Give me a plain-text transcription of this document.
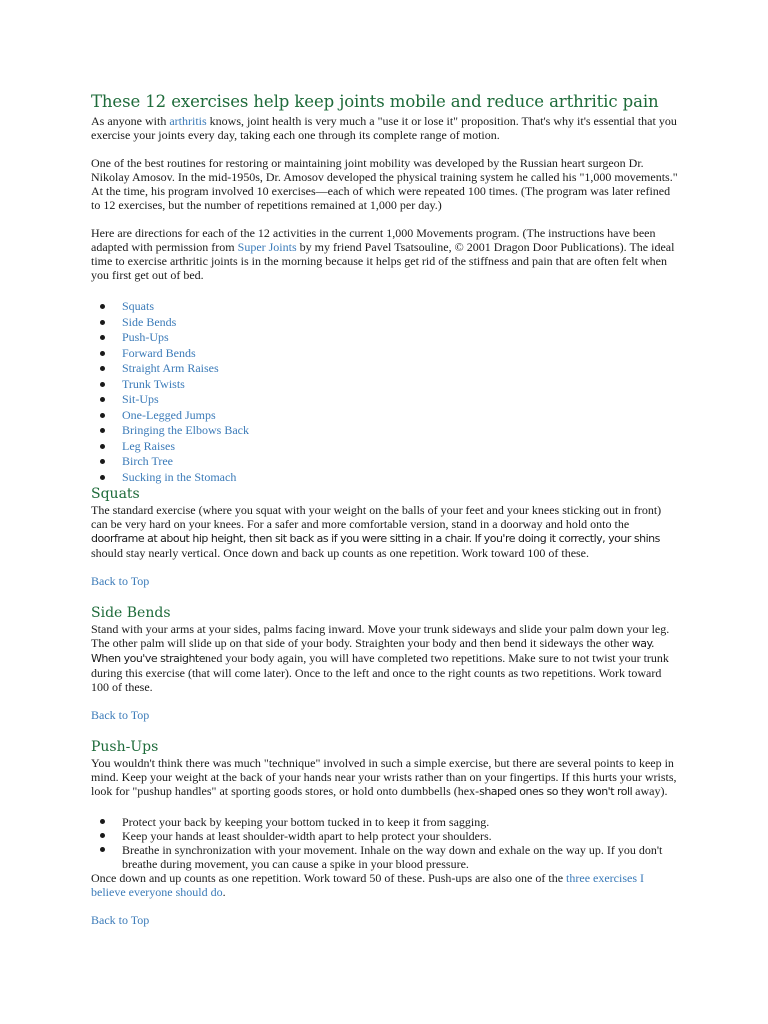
These 12 exercises help keep joints mobile and reduce arthritic pain

As anyone with arthritis knows, joint health is very much a "use it or lose it" proposition. That's why it's essential that you exercise your joints every day, taking each one through its complete range of motion.

One of the best routines for restoring or maintaining joint mobility was developed by the Russian heart surgeon Dr. Nikolay Amosov. In the mid-1950s, Dr. Amosov developed the physical training system he called his "1,000 movements." At the time, his program involved 10 exercises—each of which were repeated 100 times. (The program was later refined to 12 exercises, but the number of repetitions remained at 1,000 per day.)

Here are directions for each of the 12 activities in the current 1,000 Movements program. (The instructions have been adapted with permission from Super Joints by my friend Pavel Tsatsouline, © 2001 Dragon Door Publications). The ideal time to exercise arthritic joints is in the morning because it helps get rid of the stiffness and pain that are often felt when you first get out of bed.

Squats
Side Bends
Push-Ups
Forward Bends
Straight Arm Raises
Trunk Twists
Sit-Ups
One-Legged Jumps
Bringing the Elbows Back
Leg Raises
Birch Tree
Sucking in the Stomach
Squats

The standard exercise (where you squat with your weight on the balls of your feet and your knees sticking out in front) can be very hard on your knees. For a safer and more comfortable version, stand in a doorway and hold onto the doorframe at about hip height, then sit back as if you were sitting in a chair. If you're doing it correctly, your shins should stay nearly vertical. Once down and back up counts as one repetition. Work toward 100 of these.

Back to Top

Side Bends

Stand with your arms at your sides, palms facing inward. Move your trunk sideways and slide your palm down your leg. The other palm will slide up on that side of your body. Straighten your body and then bend it sideways the other way. When you've straightened your body again, you will have completed two repetitions. Make sure to not twist your trunk during this exercise (that will come later). Once to the left and once to the right counts as two repetitions. Work toward 100 of these.

Back to Top

Push-Ups

You wouldn't think there was much "technique" involved in such a simple exercise, but there are several points to keep in mind. Keep your weight at the back of your hands near your wrists rather than on your fingertips. If this hurts your wrists, look for "pushup handles" at sporting goods stores, or hold onto dumbbells (hex-shaped ones so they won't roll away).

Protect your back by keeping your bottom tucked in to keep it from sagging.
Keep your hands at least shoulder-width apart to help protect your shoulders.
Breathe in synchronization with your movement. Inhale on the way down and exhale on the way up. If you don't breathe during movement, you can cause a spike in your blood pressure.

Once down and up counts as one repetition. Work toward 50 of these. Push-ups are also one of the three exercises I believe everyone should do.

Back to Top
